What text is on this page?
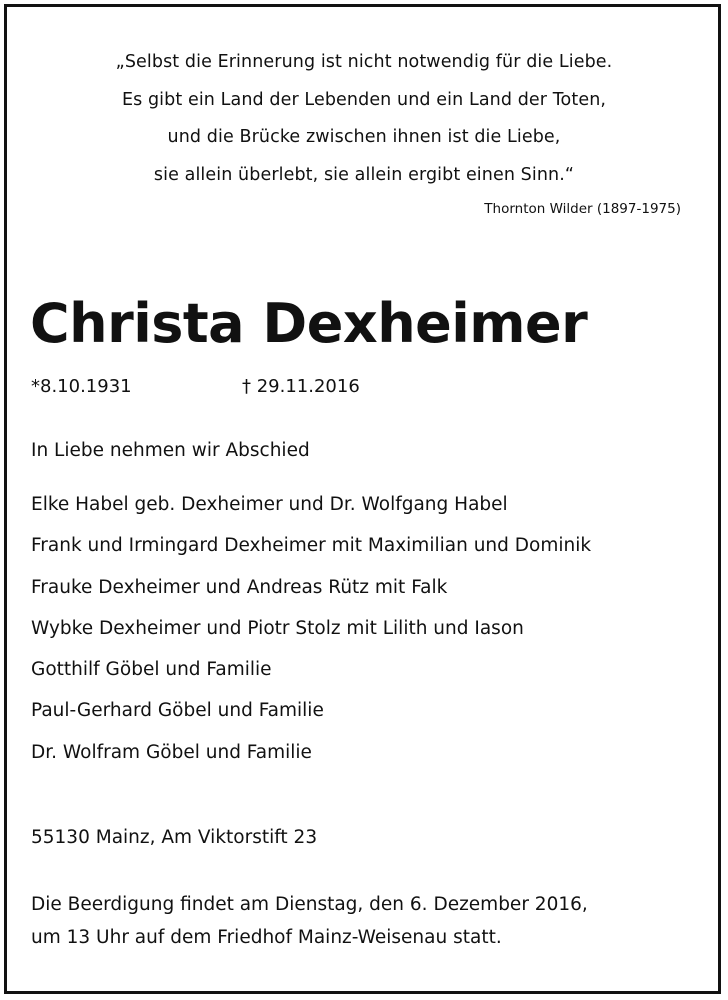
„Selbst die Erinnerung ist nicht notwendig für die Liebe.
Es gibt ein Land der Lebenden und ein Land der Toten,
und die Brücke zwischen ihnen ist die Liebe,
sie allein überlebt, sie allein ergibt einen Sinn.“
Thornton Wilder (1897-1975)
Christa Dexheimer
*8.10.1931	† 29.11.2016
In Liebe nehmen wir Abschied
Elke Habel geb. Dexheimer und Dr. Wolfgang Habel
Frank und Irmingard Dexheimer mit Maximilian und Dominik
Frauke Dexheimer und Andreas Rütz mit Falk
Wybke Dexheimer und Piotr Stolz mit Lilith und Iason
Gotthilf Göbel und Familie
Paul-Gerhard Göbel und Familie
Dr. Wolfram Göbel und Familie
55130 Mainz, Am Viktorstift 23
Die Beerdigung findet am Dienstag, den 6. Dezember 2016,
um 13 Uhr auf dem Friedhof Mainz-Weisenau statt.
